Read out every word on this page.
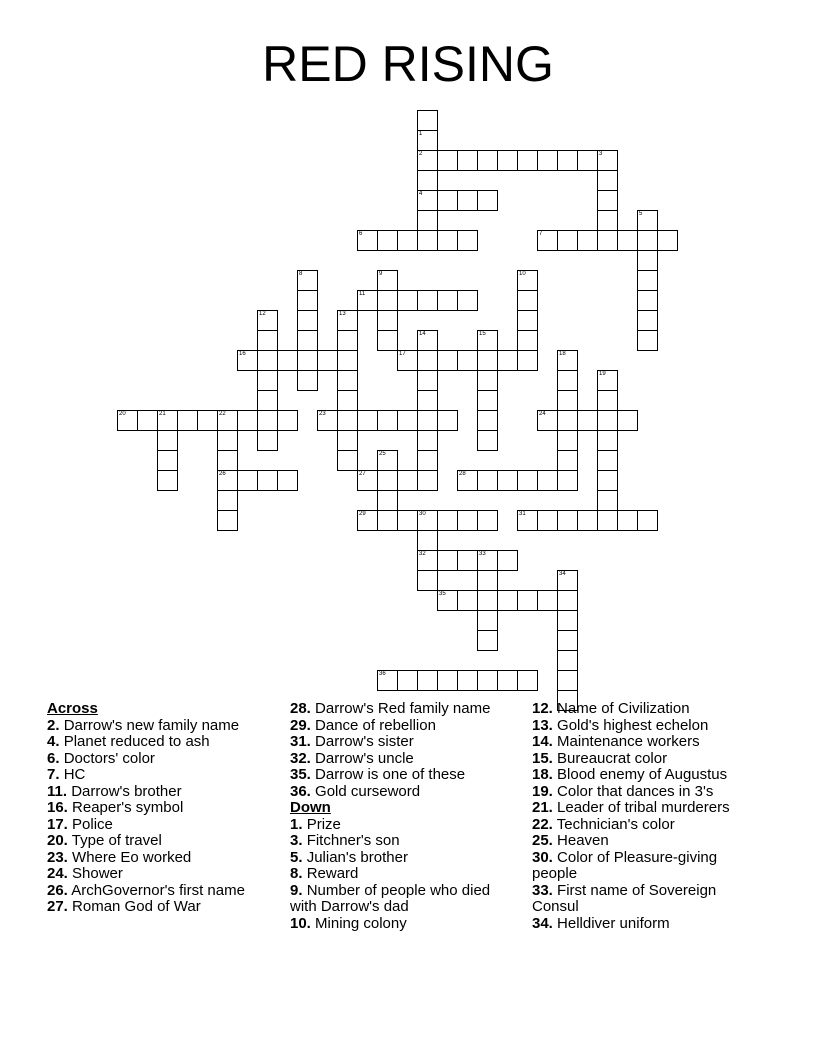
RED RISING
1
2	3
4
5
6	7
8	9	10
11
12	13
14	15
16	17	18
19
20	21	22	23	24
25
26	27	28
29	30	31
32	33
34
35
36
Across
2. Darrow's new family name
4. Planet reduced to ash
6. Doctors' color
7. HC
11. Darrow's brother
16. Reaper's symbol
17. Police
20. Type of travel
23. Where Eo worked
24. Shower
26. ArchGovernor's first name
27. Roman God of War
28. Darrow's Red family name
29. Dance of rebellion
31. Darrow's sister
32. Darrow's uncle
35. Darrow is one of these
36. Gold curseword
Down
1. Prize
3. Fitchner's son
5. Julian's brother
8. Reward
9. Number of people who died with Darrow's dad
10. Mining colony
12. Name of Civilization
13. Gold's highest echelon
14. Maintenance workers
15. Bureaucrat color
18. Blood enemy of Augustus
19. Color that dances in 3's
21. Leader of tribal murderers
22. Technician's color
25. Heaven
30. Color of Pleasure-giving people
33. First name of Sovereign Consul
34. Helldiver uniform
